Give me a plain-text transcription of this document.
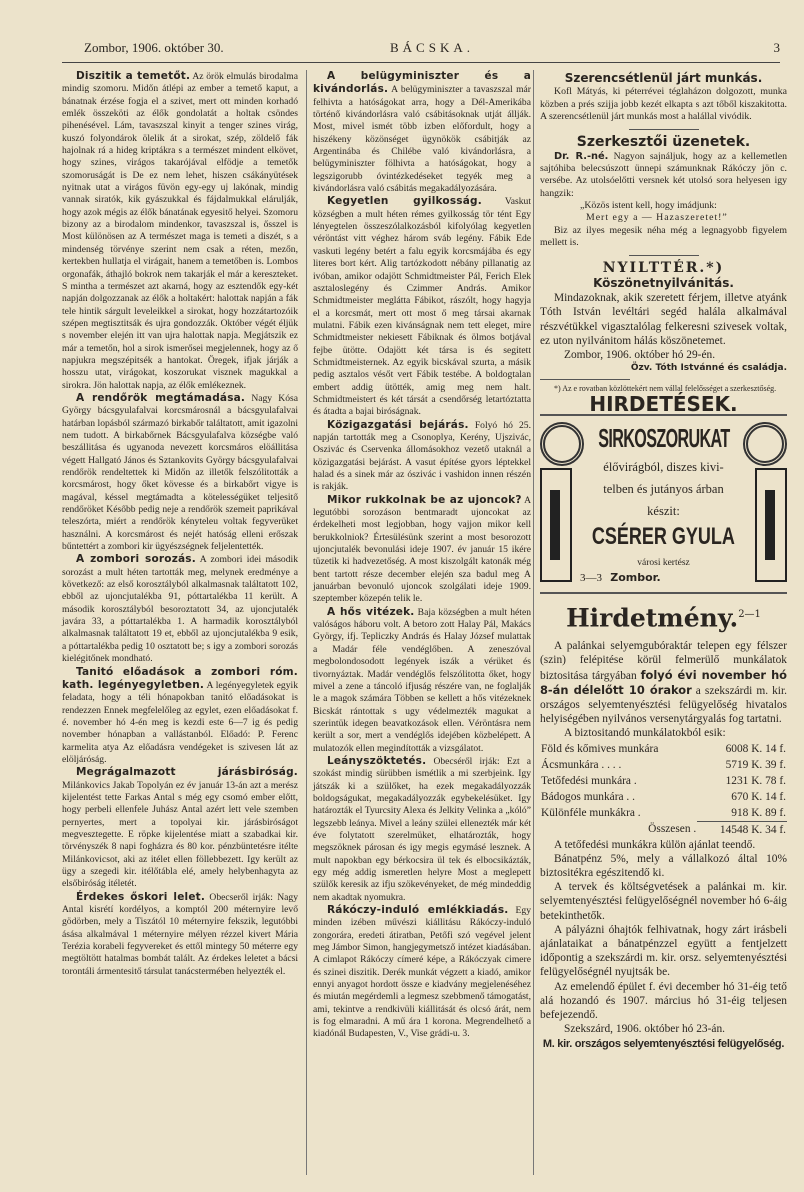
Zombor, 1906. október 30.	BÁCSKA.	3

Diszitik a temetőt. Az örök elmulás birodalma mindig szomoru. Midőn átlépi az ember a temető kaput, a bánatnak érzése fogja el a szivet, mert ott minden korhadó emlék összeköti az élők gondolatát a holtak csöndes pihenésével. Lám, tavaszszal kinyit a tenger szines virág, kuszó folyondárok ölelik át a sirokat, szép, zöldelő fák hajolnak rá a hideg kriptákra s a természet mindent elkövet, hogy szines, virágos takarójával elfödje a temetők szomoruságát is De ez nem lehet, hiszen csákányütések nyitnak utat a virágos füvön egy-egy uj lakónak, mindig vannak siratók, kik gyászukkal és fájdalmukkal elárulják, hogy azok mégis az élők bánatának egyesitő helyei. Szomoru bizony az a birodalom mindenkor, tavaszszal is, ősszel is Most különösen az A természet maga is temeti a diszét, s a mindenség törvénye szerint nem csak a réten, mezőn, kertekben hullatja el virágait, hanem a temetőben is. Lombos orgonafák, áthajló bokrok nem takarják el már a kereszteket. S mintha a természet azt akarná, hogy az esztendők egy-két napján dolgozzanak az élők a holtakért: halottak napján a fák tele hintik sárgult leveleikkel a sirokat, hogy hozzátartozóik szépen megtisztitsák és ujra gondozzák. Október végét éljük s november elején itt van ujra halottak napja. Megjátszik ez már a temetőn, hol a sirok ismerősei megjelennek, hogy az ő napjukra megszépitsék a hantokat. Öregek, ifjak járják a hosszu utat, virágokat, koszorukat visznek magukkal a sirokra. Jön halottak napja, az élők emlékeznek.

A rendőrök megtámadása. Nagy Kósa György bácsgyulafalvai korcsmárosnál a bácsgyulafalvai határban lopásból származó birkabőr találtatott, amit igazolni nem tudott. A birkabőrnek Bácsgyulafalva községbe való beszállitása és ugyanoda nevezett korcsmáros elöállitása végett Hallgató János és Sztankovits György bácsgyulafalvai rendőrök rendeltettek ki Midőn az illetők felszólitották a korcsmárost, hogy őket kövesse és a birkabőrt vigye is magával, késsel megtámadta a kötelességüket teljesitő rendőröket Később pedig neje a rendőrök szemeit paprikával teleszórta, miért a rendőrök kényteleu voltak fegyverüket használni. A korcsmárost és nejét hatóság elleni erőszak bűntettért a zombori kir ügyészségnek feljelentették.

A zombori sorozás. A zombori idei második sorozást a mult héten tartották meg, melynek eredménye a következő: az első korosztályból alkalmasnak találtatott 102, ebből az ujoncjutalékba 91, póttartalékba 11 került. A második korosztályból besoroztatott 34, az ujoncjutalék javára 33, a póttartalékba 1. A harmadik korosztályból alkalmasnak találtatott 19 et, ebből az ujoncjutalékba 9 esik, a póttartalékba pedig 10 osztatott be; s igy a zombori sorozás kielégitőnek mondható.

Tanitó előadások a zombori róm. kath. legényegyletben. A legényegyletek egyik feladata, hogy a téli hónapokban tanitó előadásokat is rendezzen Ennek megfelelőleg az egylet, ezen előadásokat f. é. november hó 4-én meg is kezdi este 6—7 ig és pedig november hónapban a vallástanból. Előadó: P. Ferenc karmelita atya Az előadásra vendégeket is szivesen lát az elöljáróság.

Megrágalmazott járásbiróság. Milánkovics Jakab Topolyán ez év január 13-án azt a merész kijelentést tette Farkas Antal s még egy csomó ember előtt, hogy perbeli ellenfele Juhász Antal azért lett vele szemben pernyertes, mert a topolyai kir. járásbiróságot megvesztegette. E röpke kijelentése miatt a szabadkai kir. törvényszék 8 napi fogházra és 80 kor. pénzbüntetésre itélte Milánkovicsot, aki az itélet ellen föllebbezett. Igy került az ügy a szegedi kir. itélőtábla elé, amely helybenhagyta az elsőbiróság itéletét.

Érdekes őskori lelet. Obecseről irják: Nagy Antal kisrétí kordélyos, a komptól 200 méternyire levő gödörben, mely a Tiszától 10 méternyire fekszik, legutóbbi ásása alkalmával 1 méternyire mélyen rézzel kivert Mária Terézia korabeli fegyvereket és ettől mintegy 50 méterre egy megtöltött hatalmas bombát talált. Az érdekes leletet a bácsi torontáli ármentesitő társulat tanácstermében helyezték el.

A belügyminiszter és a kivándorlás. A belügyminiszter a tavaszszal már felhivta a hatóságokat arra, hogy a Dél-Amerikába történő kivándorlásra való csábitásoknak utját állják. Most, mivel ismét több izben előfordult, hogy a hiszékeny közönséget ügynökök csábitják az Argentinába és Chilébe való kivándorlásra, a belügyminiszter fölhivta a hatóságokat, hogy a legszigorubb óvintézkedéseket tegyék meg a kivándorlásra való csábitás megakadályozására.

Kegyetlen gyilkosság. Vaskut községben a mult héten rémes gyilkosság tör tént Egy lényegtelen összeszólalkozásból kifolyólag kegyetlen véröntást vitt véghez három sváb legény. Fábik Ede vaskuti legény betért a falu egyik korcsmájába és egy literes bort kért. Alig tartózkodott nébány pillanatig az ivóban, amikor odajött Schmidtmeister Pál, Ferich Elek asztaloslegény és Czimmer András. Amikor Schmidtmeister meglátta Fábikot, rászólt, hogy hagyja el a korcsmát, mert ott most ő meg társai akarnak mulatni. Fábik ezen kivánságnak nem tett eleget, mire Schmidtmeister nekiesett Fábiknak és ölmos botjával fejbe ütötte. Odajött két társa is és segitett Schmidtmeisternek. Az egyik bicskával szurta, a másik pedig asztalos vésőt vert Fábik testébe. A boldogtalan embert addig ütötték, amig meg nem halt. Schmidtmeistert és két társát a csendőrség letartóztatta és átadta a bajai biróságnak.

Közigazgatási bejárás. Folyó hó 25. napján tartották meg a Csonoplya, Kerény, Ujszivác, Oszivác és Cservenka állomásokhoz vezető utaknál a közigazgatási bejárást. A vasut építése gyors léptekkel halad és a sinek már az ószivác i vashidon innen részén is rakják.

Mikor rukkolnak be az ujoncok? A legutóbbi sorozáson bentmaradt ujoncokat az érdekelheti most legjobban, hogy vajjon mikor kell berukkolniok? Értesülésünk szerint a most besorozott ujoncjutalék bevonulási ideje 1907. év január 15 ikére tüzetik ki hadvezetőség. A most kiszolgált katonák még bent tartott része december elején sza badul meg A januárban bevonuló ujoncok szolgálati ideje 1909. szeptember közepén telik le.

A hős vitézek. Baja községben a mult héten valóságos háboru volt. A betoro zott Halay Pál, Makács György, ifj. Tepliczky András és Halay József mulattak a Madár féle vendéglőben. A zeneszóval megbolondosodott legények iszák a vérüket és tivornyáztak. Madár vendéglős felszólitotta őket, hogy mivel a zene a táncoló ifjuság részére van, ne foglalják le a magok számára Többen se kellett a hős vitézeknek Bicskát rántottak s ugy védelmezték magukat a szerintük idegen beavatkozások ellen. Véröntásra nem került a sor, mert a vendéglős idejében közbelépett. A mulatozók ellen megindították a vizsgálatot.

Leányszöktetés. Obecséről irják: Ezt a szokást mindig sürübben ismétlik a mi szerbjeink. Igy játszák ki a szülőket, ha ezek megakadályozzák boldogságukat, megakadályozzák egybekelésüket. Igy határozták el Tyurcsity Alexa és Jelkity Velinka a „kóló” legszebb leánya. Mivel a leány szülei ellenezték már két éve folytatott szerelmüket, elhatározták, hogy megszöknek párosan és igy megis egymásé lesznek. A mult napokban egy bérkocsira ül tek és elbocsikázták, egy még addig ismeretlen helyre Most a meglepett szülők keresik az ifju szökevényeket, de még mindeddig nem akadtak nyomukra.

Rákóczy-induló emlékkiadás. Egy minden izében művészi kiállitásu Rákóczy-induló zongorára, eredeti átiratban, Petőfi szó vegével jelent meg Jámbor Simon, hangjegymetsző intézet kiadásában. A cimlapot Rákóczy címeré képe, a Rákóczyak cimere és szinei diszitik. Derék munkát végzett a kiadó, amikor ennyi anyagot hordott össze e kiadvány megjelenéséhez és miután megérdemli a legmesz szebbmenő támogatást, ami, tekintve a rendkivüli kiállitását és olcsó árát, nem is fog elmaradni. A mű ára 1 korona. Megrendelhető a kiadónál Budapesten, V., Vise grádi-u. 3.

Szerencsétlenül járt munkás.

Kofl Mátyás, ki péterrévei téglaházon dolgozott, munka közben a prés szijja jobb kezét elkapta s azt tőből kiszakitotta. A szerencsétlenül járt munkás most a halállal vivódik.

Szerkesztői üzenetek.

Dr. R.-né. Nagyon sajnáljuk, hogy az a kellemetlen sajtóhiba belecsúszott ünnepi számunknak Rákóczy jön c. versébe. Az utolsóelőtti versnek két utolsó sora helyesen igy hangzik:

„Közös istent kell, hogy imádjunk:
Mert egy a — Hazaszeretet!”

Biz az ilyes megesik néha még a legnagyobb figyelem mellett is.

NYILTTÉR.*)
Köszönetnyilvánitás.

Mindazoknak, akik szeretett férjem, illetve atyánk Tóth István levéltári segéd halála alkalmával részvétükkel vigasztalólag felkeresni szivesek voltak, ez uton nyilvánitom hálás köszönetemet.

Zombor, 1906. október hó 29-én.

Özv. Tóth Istvánné és családja.

*) Az e rovatban közlöttekért nem vállal felelősséget a szerkesztőség.

HIRDETÉSEK.
SIRKOSZORUKAT
élővirágból, diszes kivi-
telben és jutányos árban
készit:
CSÉRER GYULA
városi kertész
3—3 Zombor.
Hirdetmény.$^{2—1}$

A palánkai selyemgubóraktár telepen egy félszer (szin) felépitése körül felmerülő munkálatok biztositása tárgyában folyó évi november hó 8-án délelőtt 10 órakor a szekszárdi m. kir. országos selyemtenyésztési felügyelőség hivatalos helyiségében nyilvános versenytárgyalás fog tartatni.

A biztositandó munkálatokból esik:

Föld és kőmives munkára	6008 K. 14 f.
Ácsmunkára . . . .	5719 K. 39 f.
Tetőfedési munkára .	1231 K. 78 f.
Bádogos munkára . .	670 K. 14 f.
Különféle munkákra .	918 K. 89 f.
Összesen .	14548 K. 34 f.

A tetőfedési munkákra külön ajánlat teendő.

Bánatpénz 5%, mely a vállalkozó által 10% biztositékra egészitendő ki.

A tervek és költségvetések a palánkai m. kir. selyemtenyésztési felügyelőségnél november hó 6-áig betekinthetők.

A pályázni óhajtók felhivatnak, hogy zárt irásbeli ajánlataikat a bánatpénzzel együtt a fentjelzett időpontig a szekszárdi m. kir. orsz. selyemtenyésztési felügyelőségnél nyujtsák be.

Az emelendő épület f. évi december hó 31-éig tető alá hozandó és 1907. március hó 31-éig teljesen befejezendő.

Szekszárd, 1906. október hó 23-án.

M. kir. országos selyemtenyésztési felügyelőség.
